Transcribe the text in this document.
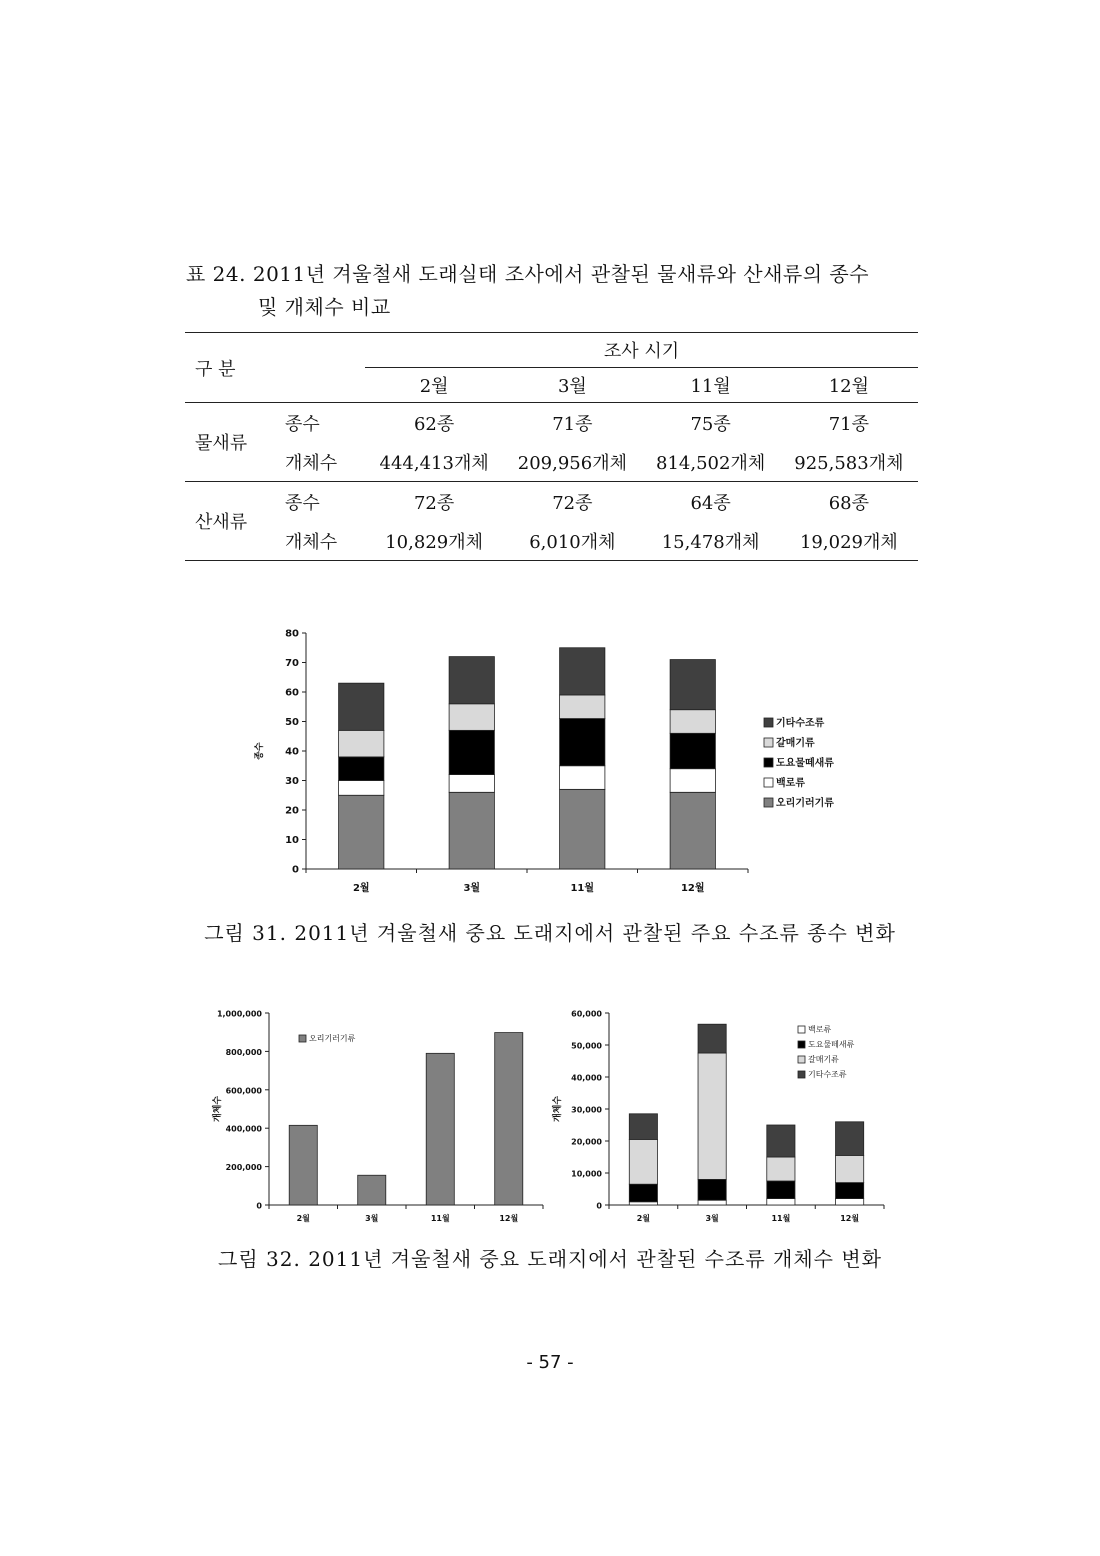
표 24. 2011년 겨울철새 도래실태 조사에서 관찰된 물새류와 산새류의 종수
및 개체수 비교
구 분		조사 시기			
		2월	3월	11월	12월
물새류	종수	62종	71종	75종	71종
	개체수	444,413개체	209,956개체	814,502개체	925,583개체
산새류	종수	72종	72종	64종	68종
	개체수	10,829개체	6,010개체	15,478개체	19,029개체
0
10
20
30
40
50
60
70
80
2월	3월	11월	12월
종수
기타수조류
갈매기류
도요물떼새류
백로류
오리기러기류
그림 31. 2011년 겨울철새 중요 도래지에서 관찰된 주요 수조류 종수 변화
0
200,000
400,000
600,000
800,000
1,000,000
2월	3월	11월	12월
개체수
오리기러기류
0
10,000
20,000
30,000
40,000
50,000
60,000
2월	3월	11월	12월
개체수
백로류
도요물떼새류
갈매기류
기타수조류
그림 32. 2011년 겨울철새 중요 도래지에서 관찰된 수조류 개체수 변화
- 57 -
